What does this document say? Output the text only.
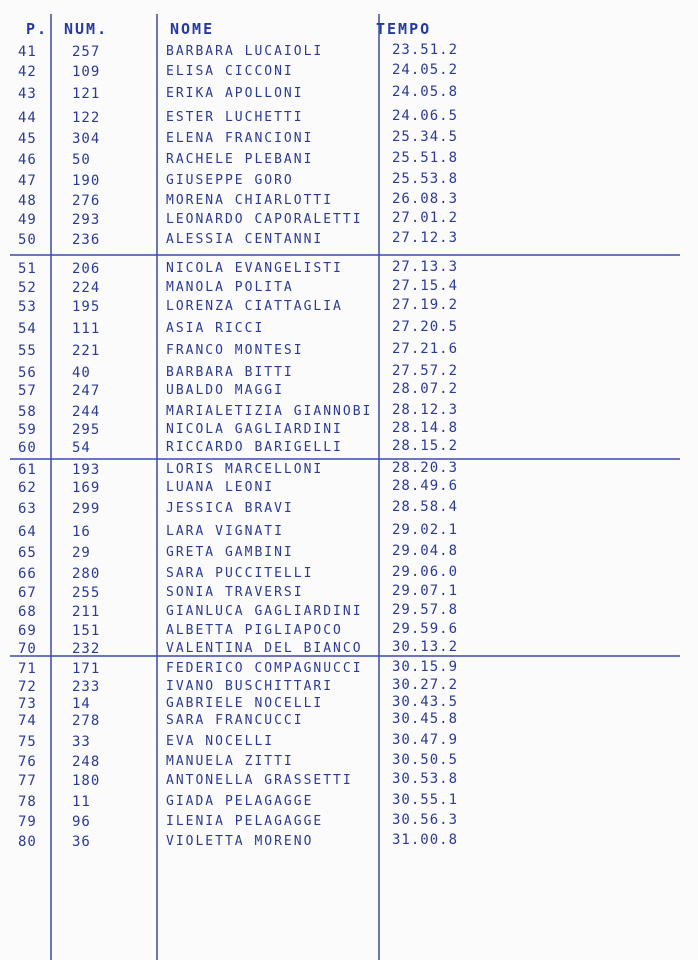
P. NUM.	NOME	TEMPO
41	257	BARBARA LUCAIOLI	23.51.2
42	109	ELISA CICCONI	24.05.2
43	121	ERIKA APOLLONI	24.05.8
44	122	ESTER LUCHETTI	24.06.5
45	304	ELENA FRANCIONI	25.34.5
46	50	RACHELE PLEBANI	25.51.8
47	190	GIUSEPPE GORO	25.53.8
48	276	MORENA CHIARLOTTI	26.08.3
49	293	LEONARDO CAPORALETTI 27.01.2
50	236	ALESSIA CENTANNI	27.12.3
51	206	NICOLA EVANGELISTI	27.13.3
52	224	MANOLA POLITA	27.15.4
53	195	LORENZA CIATTAGLIA	27.19.2
54	111	ASIA RICCI	27.20.5
55	221	FRANCO MONTESI	27.21.6
56	40	BARBARA BITTI	27.57.2
57	247	UBALDO MAGGI	28.07.2
58	244	MARIALETIZIA GIANNOBI 28.12.3
59	295	NICOLA GAGLIARDINI	28.14.8
60	54	RICCARDO BARIGELLI	28.15.2
61	193	LORIS MARCELLONI	28.20.3
62	169	LUANA LEONI	28.49.6
63	299	JESSICA BRAVI	28.58.4
64	16	LARA VIGNATI	29.02.1
65	29	GRETA GAMBINI	29.04.8
66	280	SARA PUCCITELLI	29.06.0
67	255	SONIA TRAVERSI	29.07.1
68	211	GIANLUCA GAGLIARDINI 29.57.8
69	151	ALBETTA PIGLIAPOCO	29.59.6
70	232	VALENTINA DEL BIANCO 30.13.2
71	171	FEDERICO COMPAGNUCCI 30.15.9
72	233	IVANO BUSCHITTARI	30.27.2
73	14	GABRIELE NOCELLI	30.43.5
74	278	SARA FRANCUCCI	30.45.8
75	33	EVA NOCELLI	30.47.9
76	248	MANUELA ZITTI	30.50.5
77	180	ANTONELLA GRASSETTI	30.53.8
78	11	GIADA PELAGAGGE	30.55.1
79	96	ILENIA PELAGAGGE	30.56.3
80	36	VIOLETTA MORENO	31.00.8
